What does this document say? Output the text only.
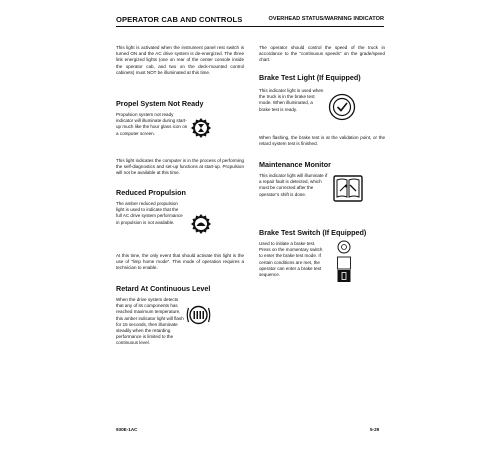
OPERATOR CAB AND CONTROLS	OVERHEAD STATUS/WARNING INDICATOR

This light is activated when the instrument panel rest switch is turned ON and the AC drive system is de-energized. The three link energized lights (one on rear of the center console inside the operator cab, and two on the deck-mounted control cabinets) must NOT be illuminated at this time.

Propel System Not Ready

Propulsion system not ready indicator will illuminate during start-up much like the hour glass icon on a computer screen.

This light indicates the computer is in the process of performing the self-diagnostics and set-up functions at start-up. Propulsion will not be available at this time.

Reduced Propulsion

The amber reduced propulsion light is used to indicate that the full AC drive system performance in propulsion is not available.

At this time, the only event that should activate this light is the use of “limp home mode”. This mode of operation requires a technician to enable.

Retard At Continuous Level

When the drive system detects that any of its components has reached maximum temperature, this amber indicator light will flash for 15 seconds, then illuminate steadily when the retarding performance is limited to the continuous level.

The operator should control the speed of the truck in accordance to the “continuous speeds” on the grade/speed chart.

Brake Test Light (If Equipped)

This indicator light is used when the truck is in the brake test mode. When illuminated, a brake test is ready.

When flashing, the brake test is at the validation point, or the retard system test is finished.

Maintenance Monitor

This indicator light will illuminate if a repair fault is detected, which must be corrected after the operator’s shift is done.

Brake Test Switch (If Equipped)

Used to initiate a brake test. Press on the momentary switch to enter the brake test mode. If certain conditions are met, the operator can enter a brake test sequence.

930E-1AC	5-29
